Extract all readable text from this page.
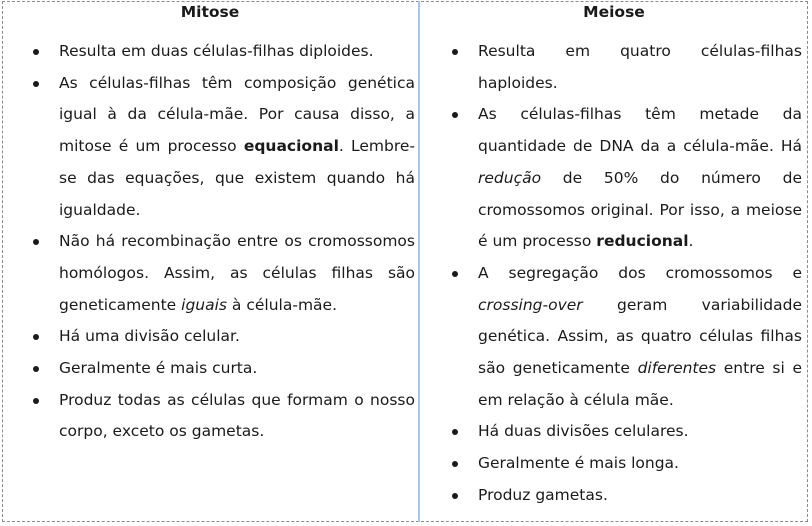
Mitose
Resulta em duas células-filhas diploides.
As células-filhas têm composição genética igual à da célula-mãe. Por causa disso, a mitose é um processo equacional. Lembre-se das equações, que existem quando há igualdade.
Não há recombinação entre os cromossomos homólogos. Assim, as células filhas são geneticamente iguais à célula-mãe.
Há uma divisão celular.
Geralmente é mais curta.
Produz todas as células que formam o nosso corpo, exceto os gametas.
Meiose
Resulta em quatro células-filhas haploides.
As células-filhas têm metade da quantidade de DNA da a célula-mãe. Há redução de 50% do número de cromossomos original. Por isso, a meiose é um processo reducional.
A segregação dos cromossomos e crossing-over geram variabilidade genética. Assim, as quatro células filhas são geneticamente diferentes entre si e em relação à célula mãe.
Há duas divisões celulares.
Geralmente é mais longa.
Produz gametas.
